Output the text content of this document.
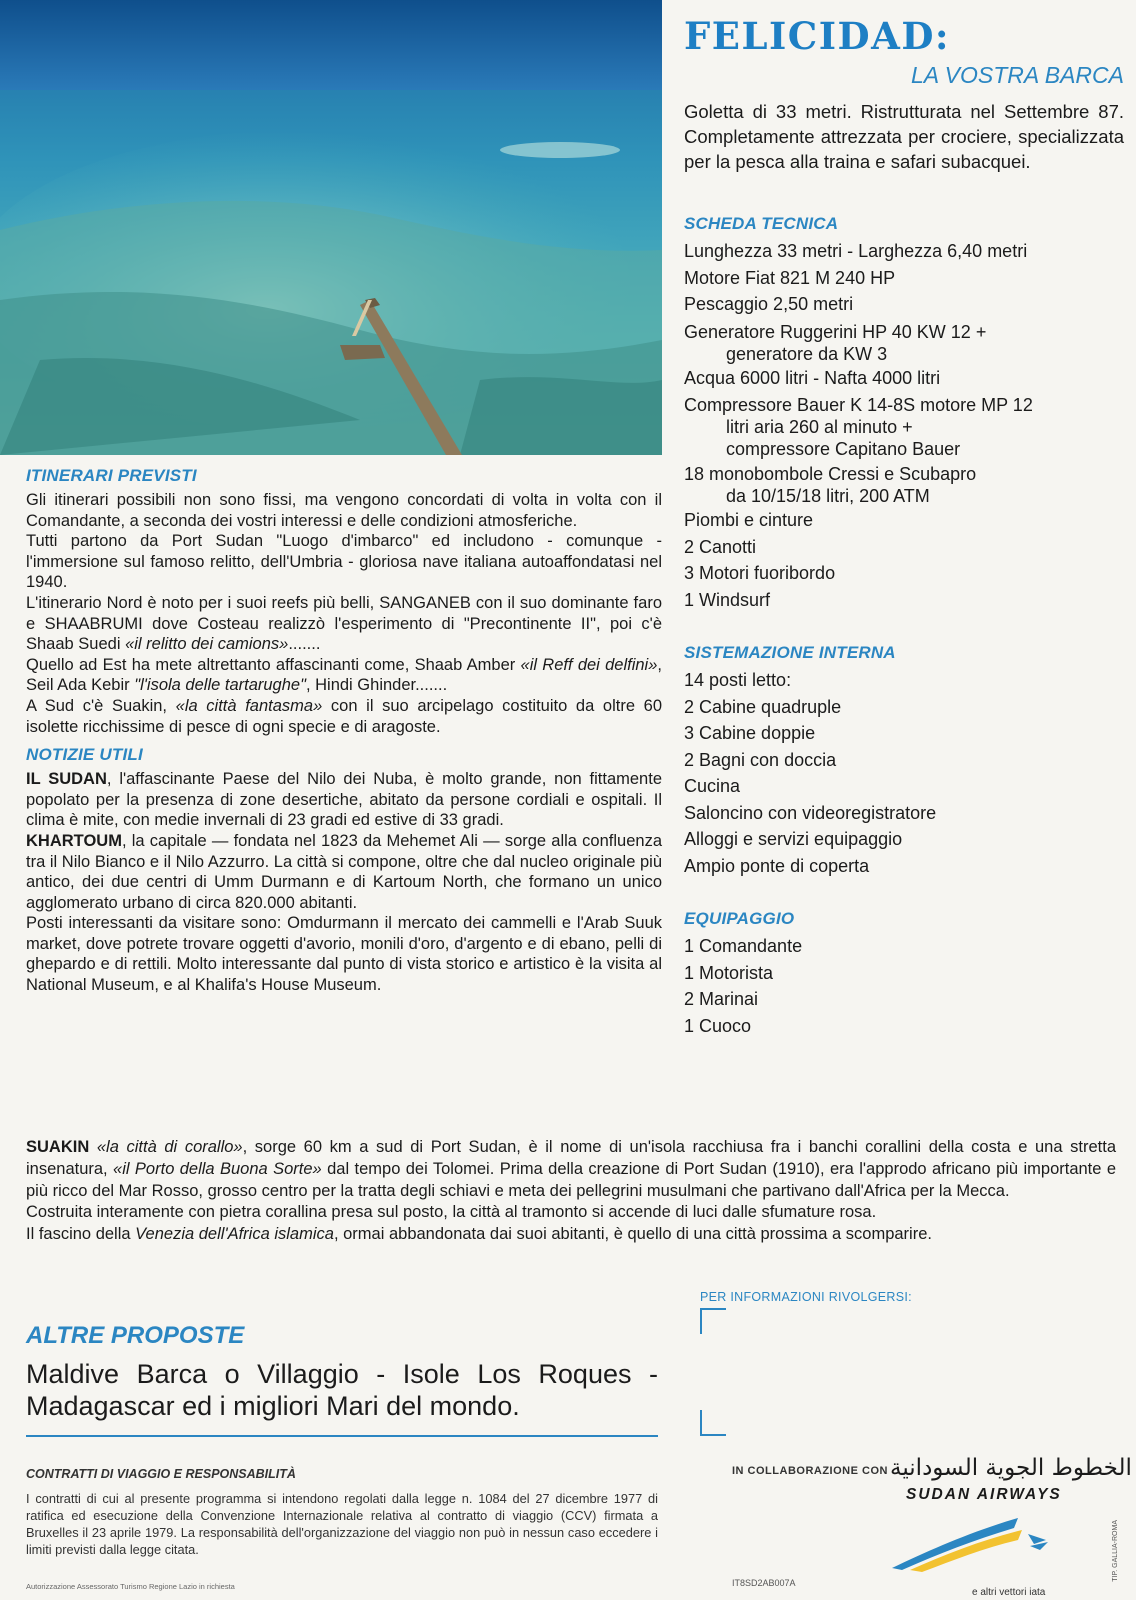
FELICIDAD:
LA VOSTRA BARCA

Goletta di 33 metri. Ristrutturata nel Settembre 87. Completamente attrezzata per crociere, specializzata per la pesca alla traina e safari subacquei.

SCHEDA TECNICA
Lunghezza 33 metri - Larghezza 6,40 metri
Motore Fiat 821 M 240 HP
Pescaggio 2,50 metri
Generatore Ruggerini HP 40 KW 12 +
generatore da KW 3
Acqua 6000 litri - Nafta 4000 litri
Compressore Bauer K 14-8S motore MP 12
litri aria 260 al minuto +
compressore Capitano Bauer
18 monobombole Cressi e Scubapro
da 10/15/18 litri, 200 ATM
Piombi e cinture
2 Canotti
3 Motori fuoribordo
1 Windsurf
SISTEMAZIONE INTERNA
14 posti letto:
2 Cabine quadruple
3 Cabine doppie
2 Bagni con doccia
Cucina
Saloncino con videoregistratore
Alloggi e servizi equipaggio
Ampio ponte di coperta
EQUIPAGGIO
1 Comandante
1 Motorista
2 Marinai
1 Cuoco
ITINERARI PREVISTI

Gli itinerari possibili non sono fissi, ma vengono concordati di volta in volta con il Comandante, a seconda dei vostri interessi e delle condizioni atmosferiche.

Tutti partono da Port Sudan "Luogo d'imbarco" ed includono - comunque - l'immersione sul famoso relitto, dell'Umbria - gloriosa nave italiana autoaffondatasi nel 1940.

L'itinerario Nord è noto per i suoi reefs più belli, SANGANEB con il suo dominante faro e SHAABRUMI dove Costeau realizzò l'esperimento di "Precontinente II", poi c'è Shaab Suedi «il relitto dei camions».......

Quello ad Est ha mete altrettanto affascinanti come, Shaab Amber «il Reff dei delfini», Seil Ada Kebir "l'isola delle tartarughe", Hindi Ghinder.......

A Sud c'è Suakin, «la città fantasma» con il suo arcipelago costituito da oltre 60 isolette ricchissime di pesce di ogni specie e di aragoste.

NOTIZIE UTILI

IL SUDAN, l'affascinante Paese del Nilo dei Nuba, è molto grande, non fittamente popolato per la presenza di zone desertiche, abitato da persone cordiali e ospitali. Il clima è mite, con medie invernali di 23 gradi ed estive di 33 gradi.

KHARTOUM, la capitale — fondata nel 1823 da Mehemet Ali — sorge alla confluenza tra il Nilo Bianco e il Nilo Azzurro. La città si compone, oltre che dal nucleo originale più antico, dei due centri di Umm Durmann e di Kartoum North, che formano un unico agglomerato urbano di circa 820.000 abitanti.

Posti interessanti da visitare sono: Omdurmann il mercato dei cammelli e l'Arab Suuk market, dove potrete trovare oggetti d'avorio, monili d'oro, d'argento e di ebano, pelli di ghepardo e di rettili. Molto interessante dal punto di vista storico e artistico è la visita al National Museum, e al Khalifa's House Museum.

SUAKIN «la città di corallo», sorge 60 km a sud di Port Sudan, è il nome di un'isola racchiusa fra i banchi corallini della costa e una stretta insenatura, «il Porto della Buona Sorte» dal tempo dei Tolomei. Prima della creazione di Port Sudan (1910), era l'approdo africano più importante e più ricco del Mar Rosso, grosso centro per la tratta degli schiavi e meta dei pellegrini musulmani che partivano dall'Africa per la Mecca.

Costruita interamente con pietra corallina presa sul posto, la città al tramonto si accende di luci dalle sfumature rosa.

Il fascino della Venezia dell'Africa islamica, ormai abbandonata dai suoi abitanti, è quello di una città prossima a scomparire.

PER INFORMAZIONI RIVOLGERSI:
ALTRE PROPOSTE
Maldive Barca o Villaggio - Isole Los Roques - Madagascar ed i migliori Mari del mondo.
CONTRATTI DI VIAGGIO E RESPONSABILITÀ
I contratti di cui al presente programma si intendono regolati dalla legge n. 1084 del 27 dicembre 1977 di ratifica ed esecuzione della Convenzione Internazionale relativa al contratto di viaggio (CCV) firmata a Bruxelles il 23 aprile 1979. La responsabilità dell'organizzazione del viaggio non può in nessun caso eccedere i limiti previsti dalla legge citata.
Autorizzazione Assessorato Turismo Regione Lazio in richiesta
IN COLLABORAZIONE CON الخطوط الجوية السودانية
SUDAN AIRWAYS
IT8SD2AB007A
e altri vettori iata
TIP. GALLIA-ROMA
